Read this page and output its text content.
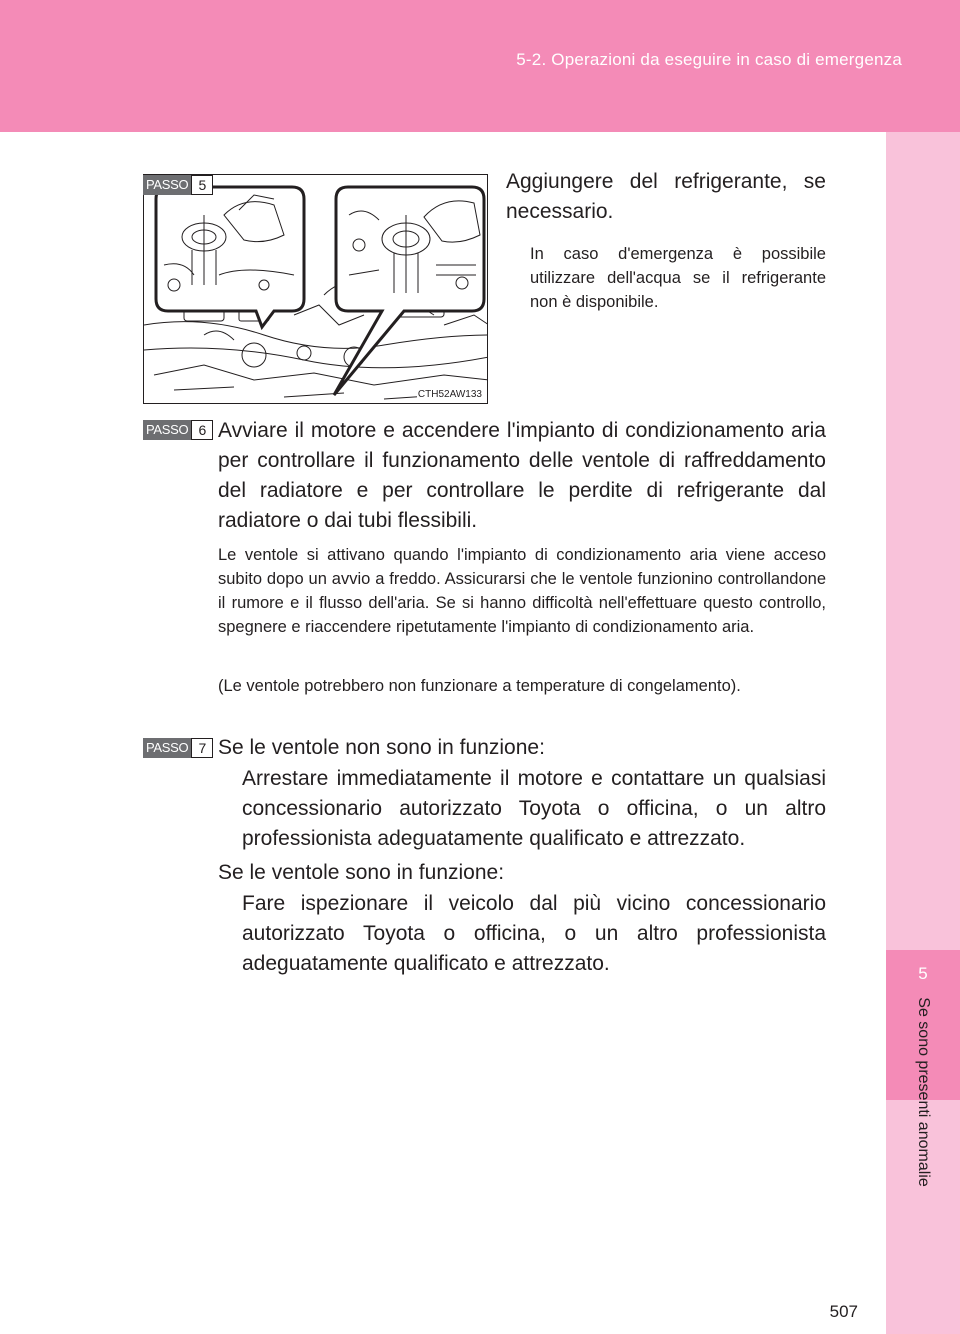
5-2. Operazioni da eseguire in caso di emergenza
5
Se sono presenti anomalie
CTH52AW133
PASSO 5	Aggiungere del refrigerante, se necessario.
In caso d'emergenza è possibile utilizzare dell'acqua se il refrigerante non è disponibile.
PASSO 6 Avviare il motore e accendere l'impianto di condizionamento aria per controllare il funzionamento delle ventole di raffreddamento del radiatore e per controllare le perdite di refrigerante dal radiatore o dai tubi flessibili.
Le ventole si attivano quando l'impianto di condizionamento aria viene acceso subito dopo un avvio a freddo. Assicurarsi che le ventole funzionino controllandone il rumore e il flusso dell'aria. Se si hanno difficoltà nell'effettuare questo controllo, spegnere e riaccendere ripetutamente l'impianto di condizionamento aria.
(Le ventole potrebbero non funzionare a temperature di congelamento).
PASSO 7 Se le ventole non sono in funzione:
Arrestare immediatamente il motore e contattare un qualsiasi concessionario autorizzato Toyota o officina, o un altro professionista adeguatamente qualificato e attrezzato.
Se le ventole sono in funzione:
Fare ispezionare il veicolo dal più vicino concessionario autorizzato Toyota o officina, o un altro professionista adeguatamente qualificato e attrezzato.
507
